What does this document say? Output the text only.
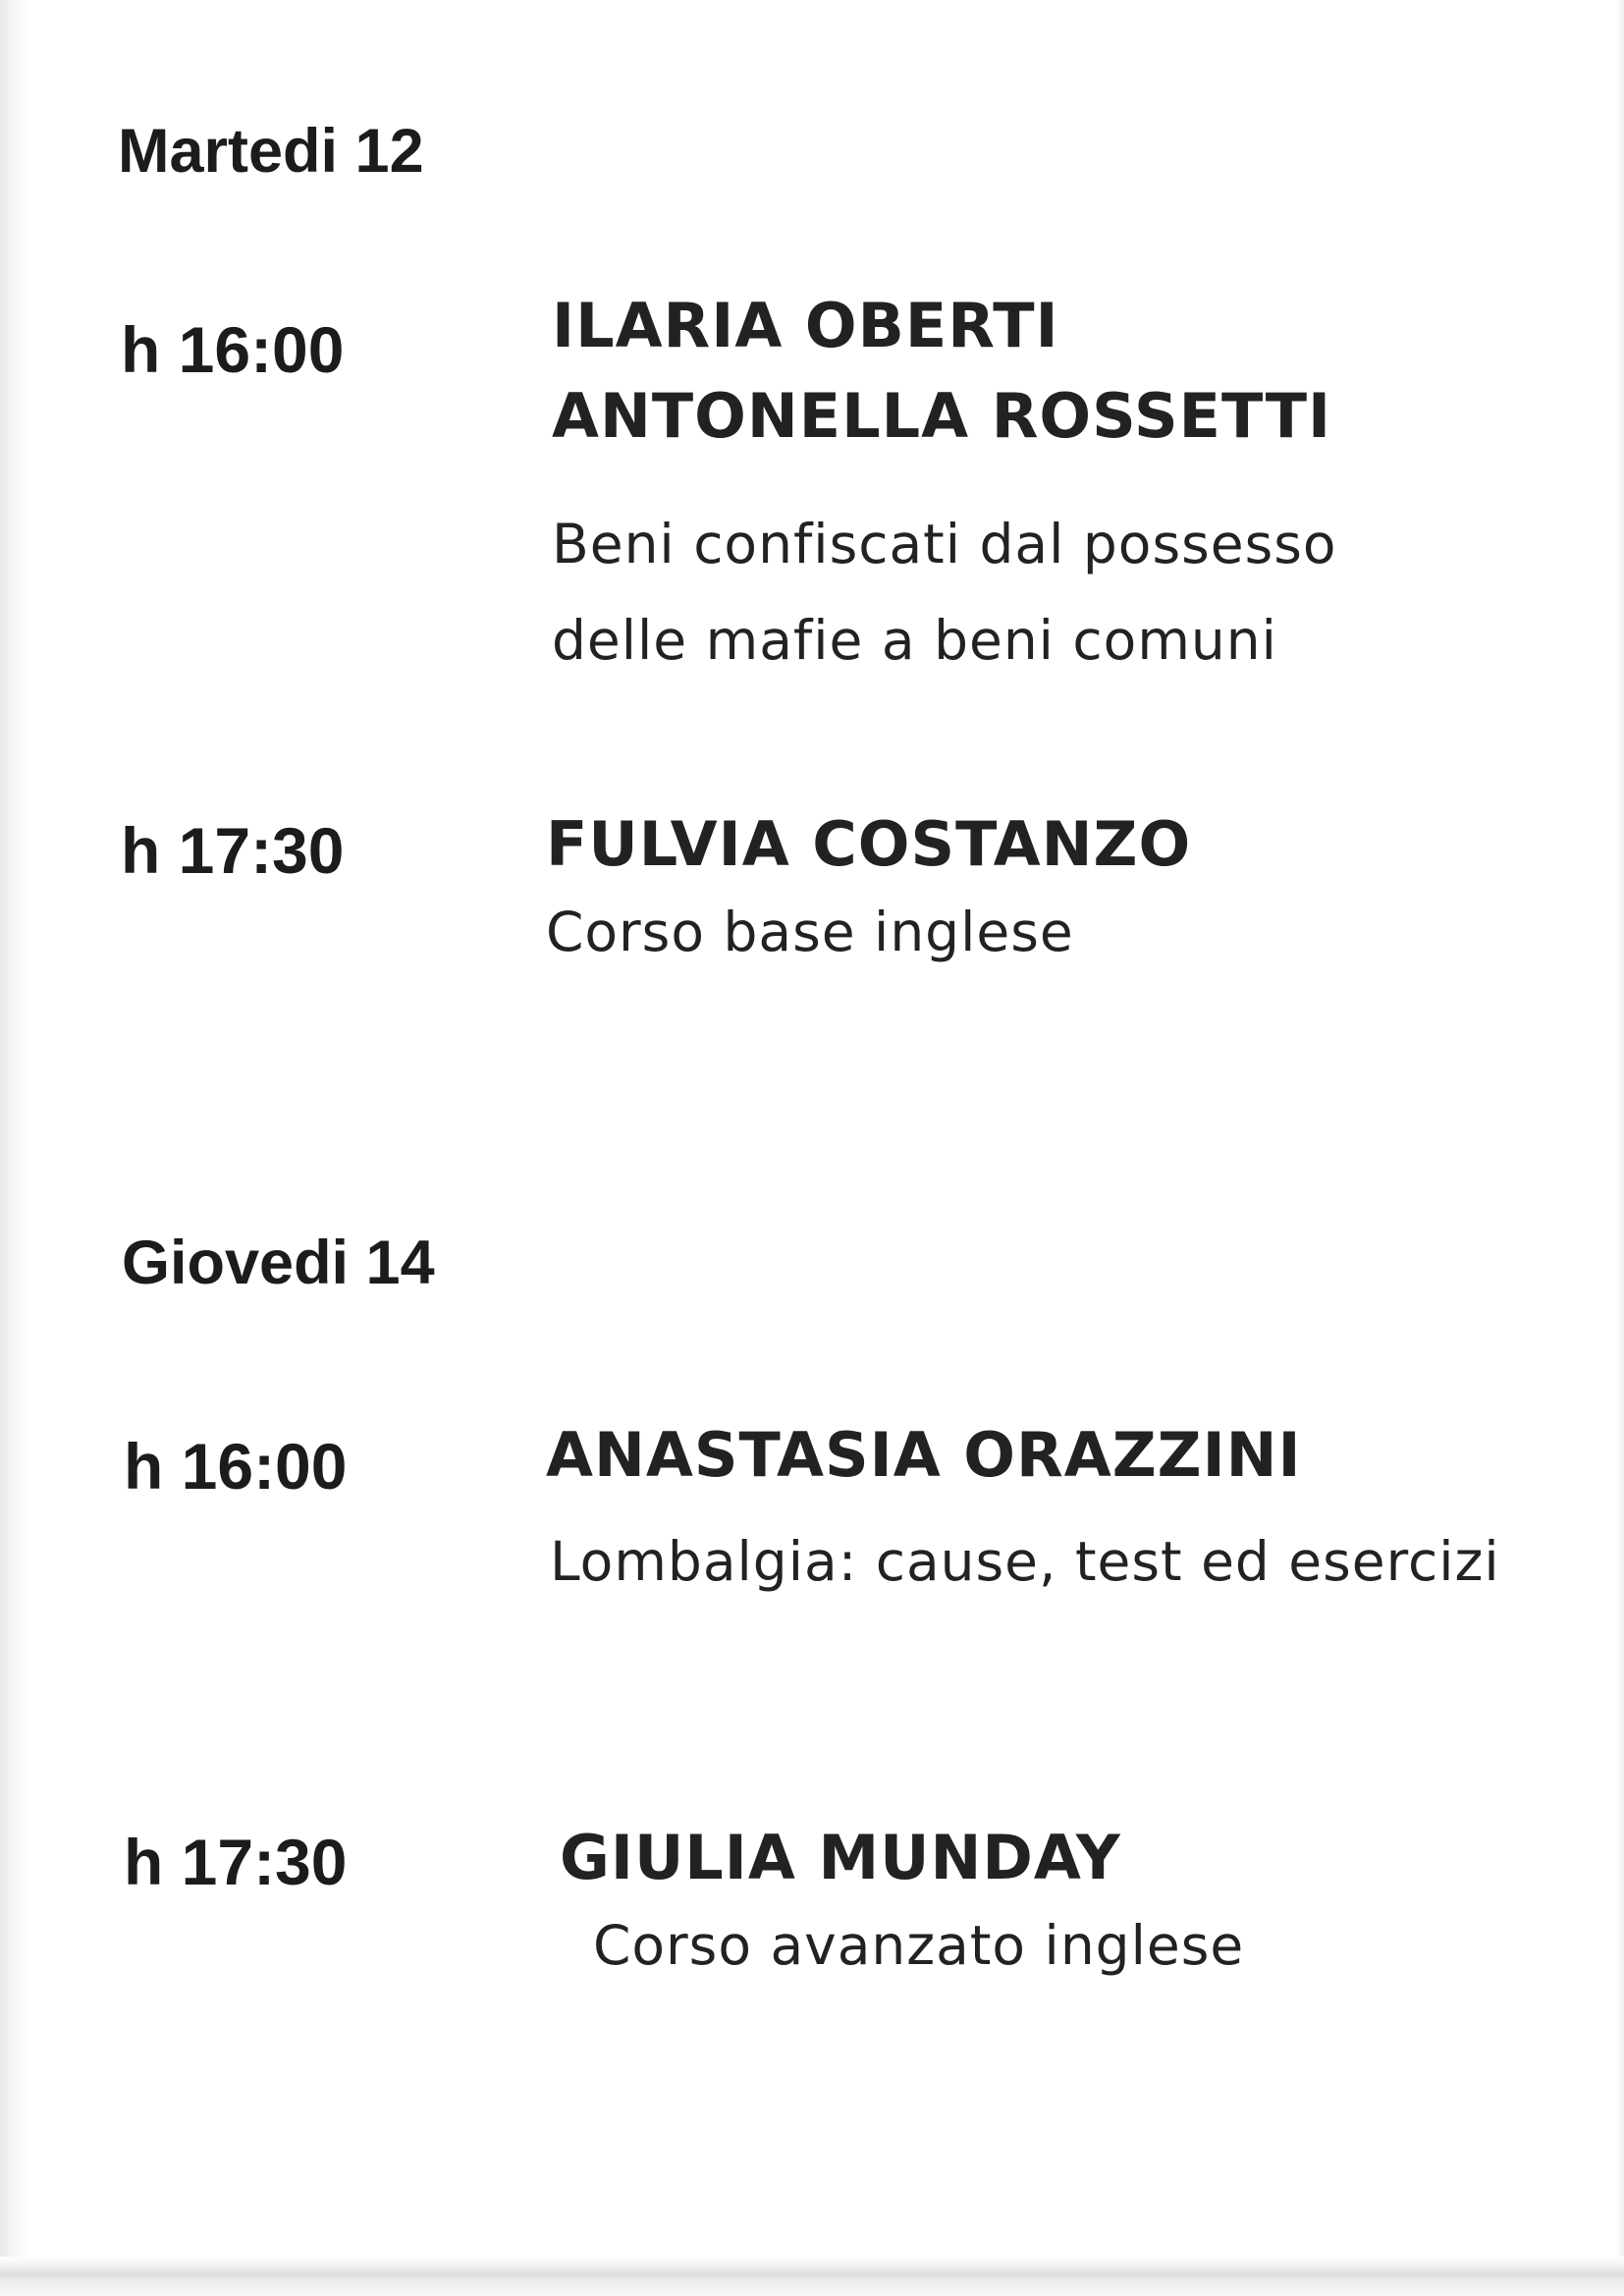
Martedi 12
h 16:00	ILARIA OBERTI
ANTONELLA ROSSETTI
Beni confiscati dal possesso
delle mafie a beni comuni
h 17:30	FULVIA COSTANZO
Corso base inglese
Giovedi 14
h 16:00	ANASTASIA ORAZZINI
Lombalgia: cause, test ed esercizi
h 17:30	GIULIA MUNDAY
Corso avanzato inglese
